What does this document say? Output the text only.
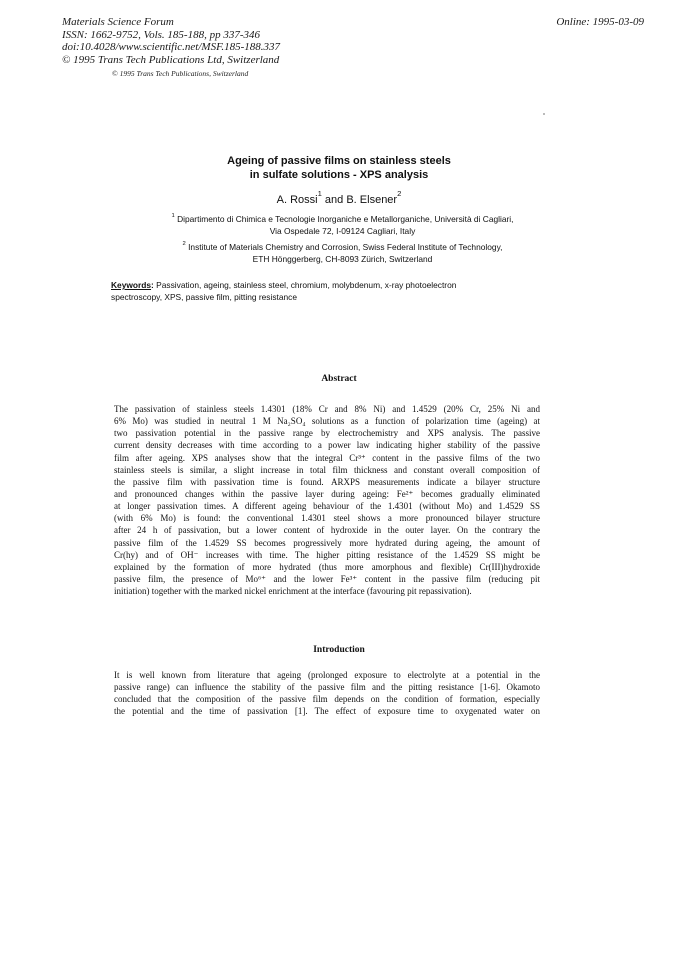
Materials Science Forum
ISSN: 1662-9752, Vols. 185-188, pp 337-346
doi:10.4028/www.scientific.net/MSF.185-188.337
© 1995 Trans Tech Publications Ltd, Switzerland
Online: 1995-03-09
© 1995 Trans Tech Publications, Switzerland
Ageing of passive films on stainless steels
in sulfate solutions - XPS analysis
A. Rossi$^1$ and B. Elsener$^2$
$^1$ Dipartimento di Chimica e Tecnologie Inorganiche e Metallorganiche, Università di Cagliari,
Via Ospedale 72, I-09124 Cagliari, Italy
$^2$ Institute of Materials Chemistry and Corrosion, Swiss Federal Institute of Technology,
ETH Hönggerberg, CH-8093 Zürich, Switzerland
Keywords: Passivation, ageing, stainless steel, chromium, molybdenum, x-ray photoelectron
spectroscopy, XPS, passive film, pitting resistance
Abstract
The passivation of stainless steels 1.4301 (18% Cr and 8% Ni) and 1.4529 (20% Cr, 25% Ni and
6% Mo) was studied in neutral 1 M Na₂SO₄ solutions as a function of polarization time (ageing) at
two passivation potential in the passive range by electrochemistry and XPS analysis. The passive
current density decreases with time according to a power law indicating higher stability of the passive
film after ageing. XPS analyses show that the integral Cr³⁺ content in the passive films of the two
stainless steels is similar, a slight increase in total film thickness and constant overall composition of
the passive film with passivation time is found. ARXPS measurements indicate a bilayer structure
and pronounced changes within the passive layer during ageing: Fe²⁺ becomes gradually eliminated
at longer passivation times. A different ageing behaviour of the 1.4301 (without Mo) and 1.4529 SS
(with 6% Mo) is found: the conventional 1.4301 steel shows a more pronounced bilayer structure
after 24 h of passivation, but a lower content of hydroxide in the outer layer. On the contrary the
passive film of the 1.4529 SS becomes progressively more hydrated during ageing, the amount of
Cr(hy) and of OH⁻ increases with time. The higher pitting resistance of the 1.4529 SS might be
explained by the formation of more hydrated (thus more amorphous and flexible) Cr(III)hydroxide
passive film, the presence of Mo⁶⁺ and the lower Fe³⁺ content in the passive film (reducing pit
initiation) together with the marked nickel enrichment at the interface (favouring pit repassivation).
Introduction
It is well known from literature that ageing (prolonged exposure to electrolyte at a potential in the
passive range) can influence the stability of the passive film and the pitting resistance [1-6]. Okamoto
concluded that the composition of the passive film depends on the condition of formation, especially
the potential and the time of passivation [1]. The effect of exposure time to oxygenated water on
